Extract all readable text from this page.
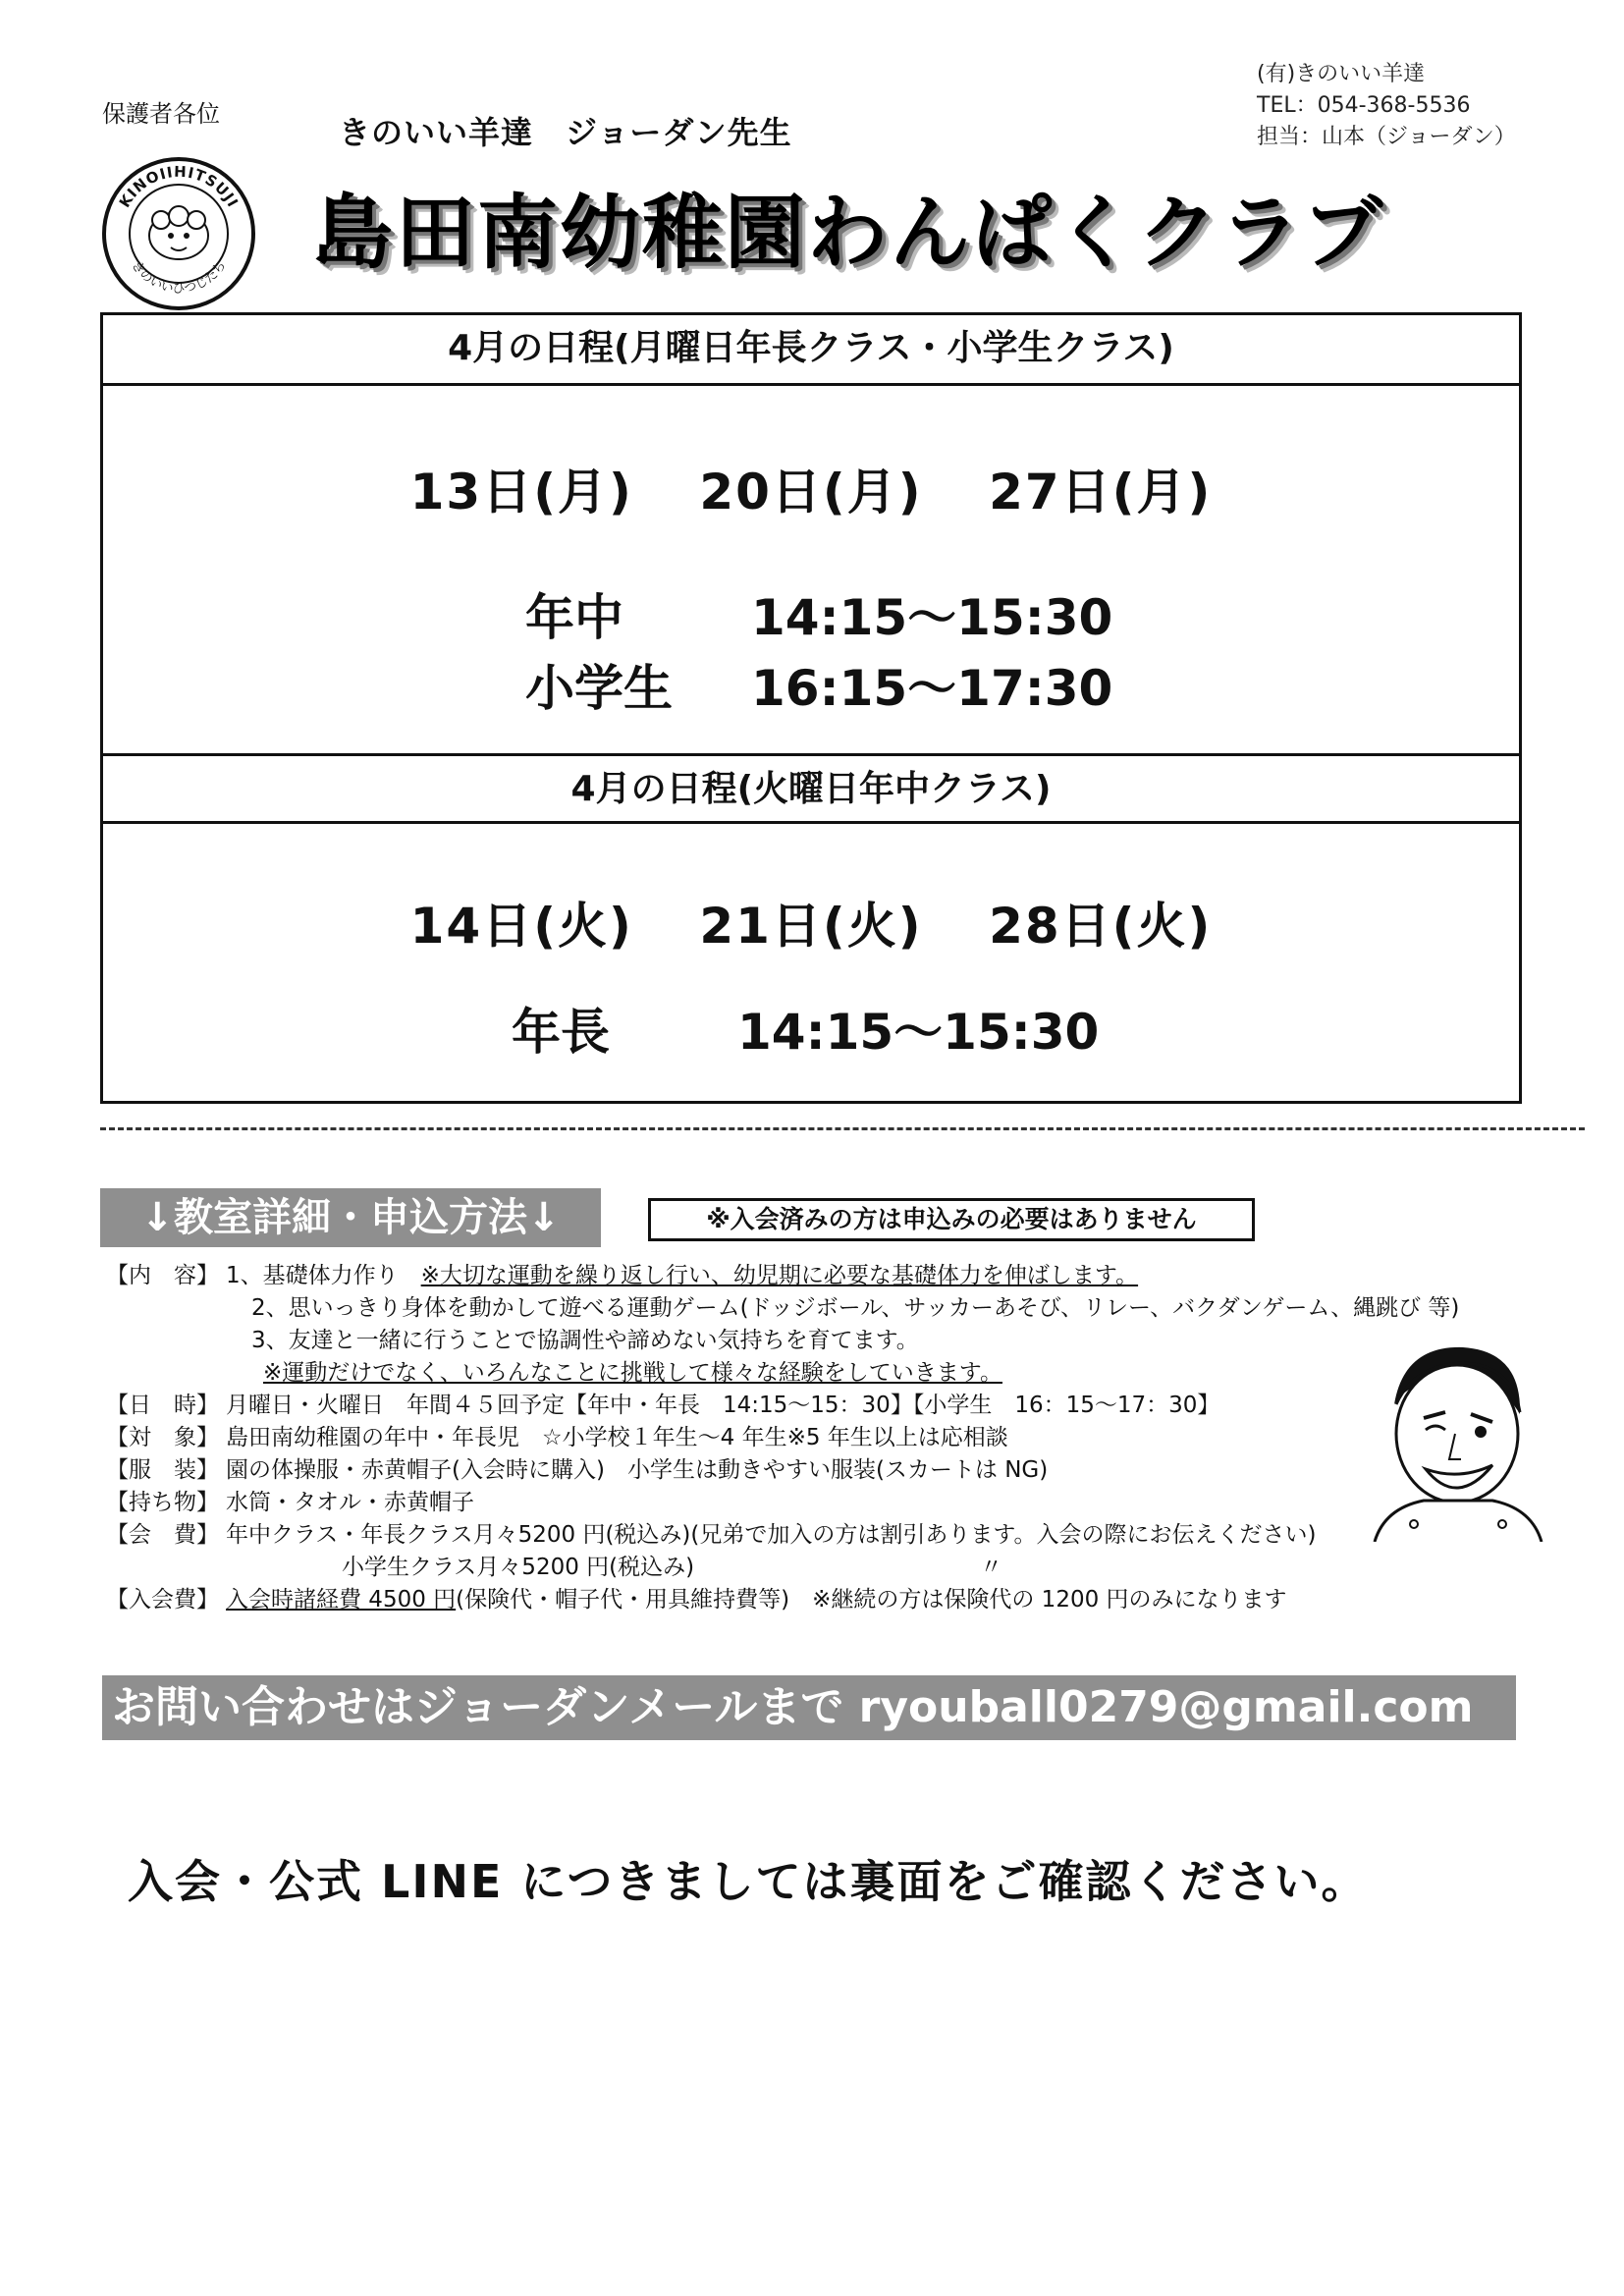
保護者各位
(有)きのいい羊達
TEL：054-368-5536
担当：山本（ジョーダン）
きのいい羊達　ジョーダン先生
KINOIIHITSUJI
きのいいひつじたち 島田南幼稚園わんぱくクラブ
4月の日程(月曜日年長クラス・小学生クラス)
13日(月) 20日(月) 27日(月)
年中	14:15〜15:30
小学生 16:15〜17:30
4月の日程(火曜日年中クラス)
14日(火) 21日(火) 28日(火)
年長	14:15〜15:30
↓教室詳細・申込方法↓	※入会済みの方は申込みの必要はありません
【内　容】 1、基礎体力作り　※大切な運動を繰り返し行い、幼児期に必要な基礎体力を伸ばします。
2、思いっきり身体を動かして遊べる運動ゲーム(ドッジボール、サッカーあそび、リレー、バクダンゲーム、縄跳び 等)
3、友達と一緒に行うことで協調性や諦めない気持ちを育てます。
※運動だけでなく、いろんなことに挑戦して様々な経験をしていきます。
【日　時】 月曜日・火曜日　年間４５回予定【年中・年長　14:15〜15：30】【小学生　16：15〜17：30】
【対　象】 島田南幼稚園の年中・年長児　☆小学校１年生〜4 年生※5 年生以上は応相談
【服　装】 園の体操服・赤黄帽子(入会時に購入)　小学生は動きやすい服装(スカートは NG)
【持ち物】 水筒・タオル・赤黄帽子
【会　費】 年中クラス・年長クラス月々5200 円(税込み)(兄弟で加入の方は割引あります。入会の際にお伝えください)
小学生クラス月々5200 円(税込み)	〃
【入会費】 入会時諸経費 4500 円(保険代・帽子代・用具維持費等)　※継続の方は保険代の 1200 円のみになります
お問い合わせはジョーダンメールまで ryouball0279@gmail.com
入会・公式 LINE につきましては裏面をご確認ください。
